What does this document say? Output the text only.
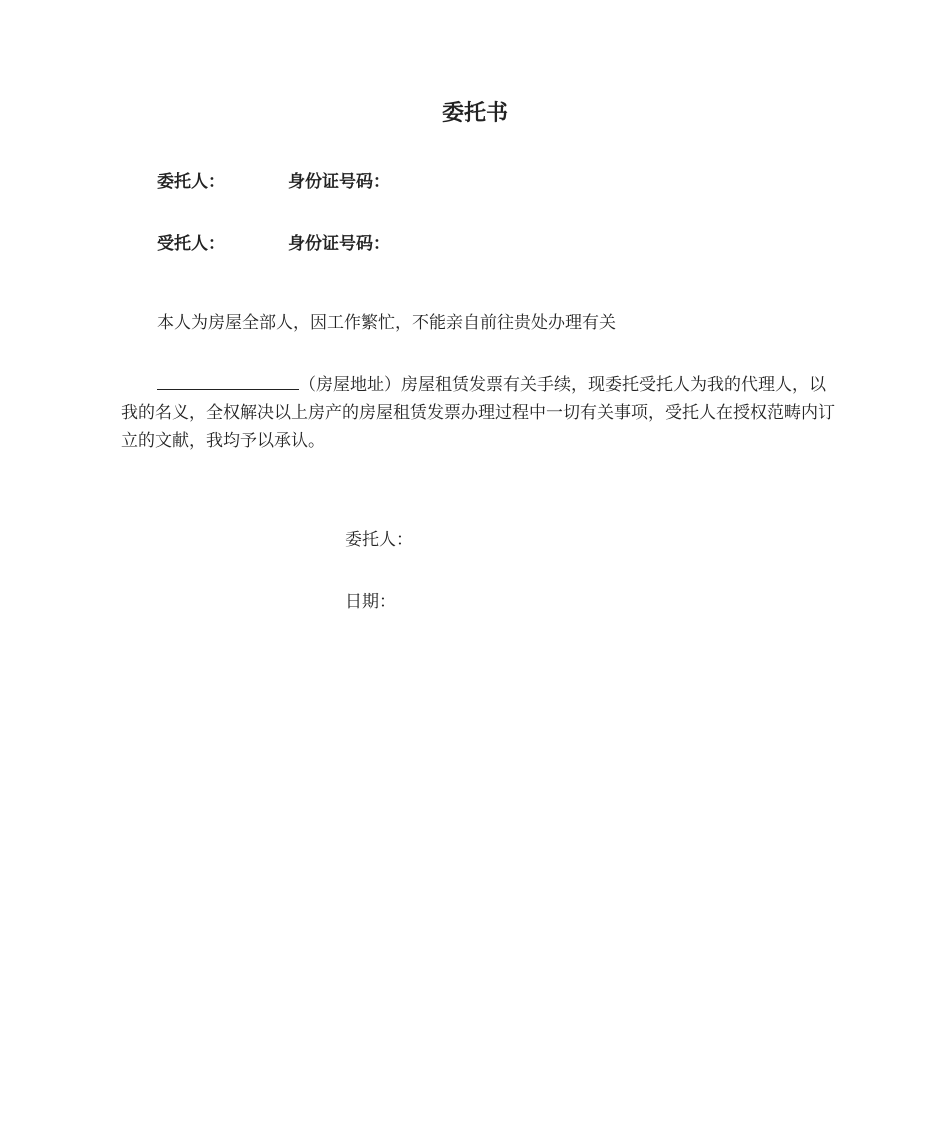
委托书
委托人：	身份证号码：
受托人：	身份证号码：

本人为房屋全部人，因工作繁忙，不能亲自前往贵处办理有关

（房屋地址）房屋租赁发票有关手续，现委托受托人为我的代理人，以我的名义，全权解决以上房产的房屋租赁发票办理过程中一切有关事项，受托人在授权范畴内订立的文献，我均予以承认。

委托人：
日期：
